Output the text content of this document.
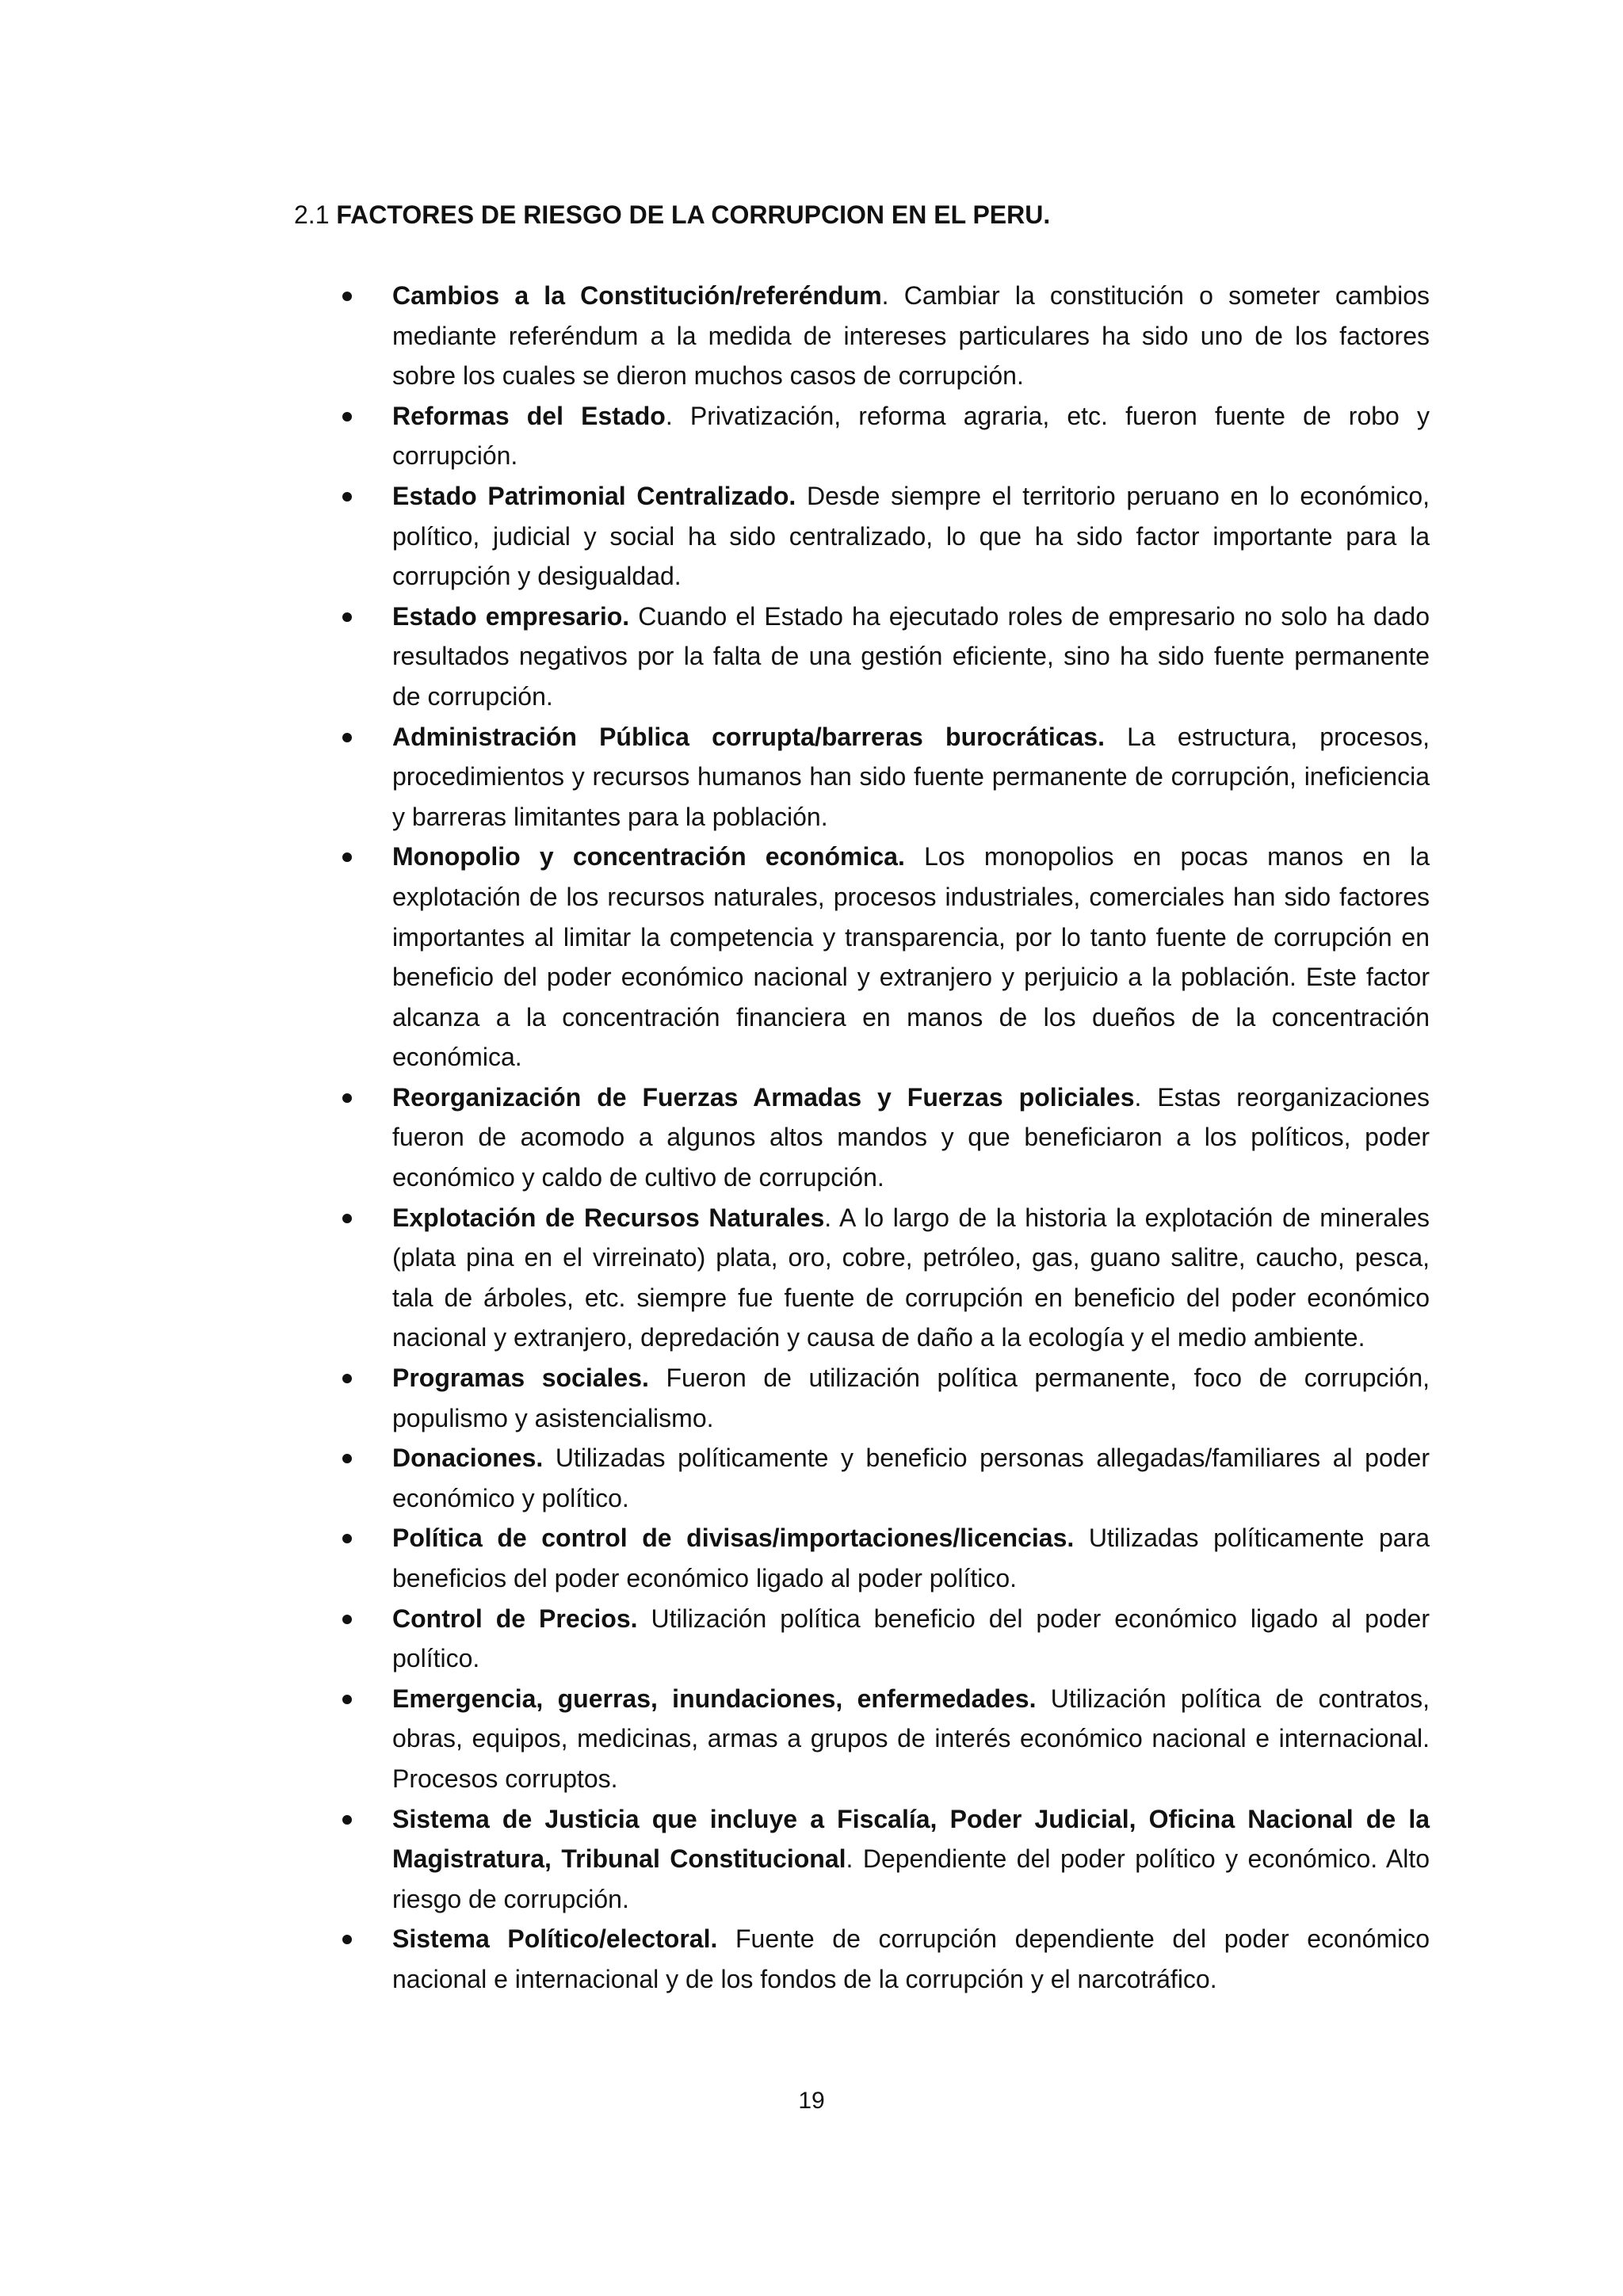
2.1 FACTORES DE RIESGO DE LA CORRUPCION EN EL PERU.
Cambios a la Constitución/referéndum. Cambiar la constitución o someter cambios mediante referéndum a la medida de intereses particulares ha sido uno de los factores sobre los cuales se dieron muchos casos de corrupción.
Reformas del Estado. Privatización, reforma agraria, etc. fueron fuente de robo y corrupción.
Estado Patrimonial Centralizado. Desde siempre el territorio peruano en lo económico, político, judicial y social ha sido centralizado, lo que ha sido factor importante para la corrupción y desigualdad.
Estado empresario. Cuando el Estado ha ejecutado roles de empresario no solo ha dado resultados negativos por la falta de una gestión eficiente, sino ha sido fuente permanente de corrupción.
Administración Pública corrupta/barreras burocráticas. La estructura, procesos, procedimientos y recursos humanos han sido fuente permanente de corrupción, ineficiencia y barreras limitantes para la población.
Monopolio y concentración económica. Los monopolios en pocas manos en la explotación de los recursos naturales, procesos industriales, comerciales han sido factores importantes al limitar la competencia y transparencia, por lo tanto fuente de corrupción en beneficio del poder económico nacional y extranjero y perjuicio a la población. Este factor alcanza a la concentración financiera en manos de los dueños de la concentración económica.
Reorganización de Fuerzas Armadas y Fuerzas policiales. Estas reorganizaciones fueron de acomodo a algunos altos mandos y que beneficiaron a los políticos, poder económico y caldo de cultivo de corrupción.
Explotación de Recursos Naturales. A lo largo de la historia la explotación de minerales (plata pina en el virreinato) plata, oro, cobre, petróleo, gas, guano salitre, caucho, pesca, tala de árboles, etc. siempre fue fuente de corrupción en beneficio del poder económico nacional y extranjero, depredación y causa de daño a la ecología y el medio ambiente.
Programas sociales. Fueron de utilización política permanente, foco de corrupción, populismo y asistencialismo.
Donaciones. Utilizadas políticamente y beneficio personas allegadas/familiares al poder económico y político.
Política de control de divisas/importaciones/licencias. Utilizadas políticamente para beneficios del poder económico ligado al poder político.
Control de Precios. Utilización política beneficio del poder económico ligado al poder político.
Emergencia, guerras, inundaciones, enfermedades. Utilización política de contratos, obras, equipos, medicinas, armas a grupos de interés económico nacional e internacional. Procesos corruptos.
Sistema de Justicia que incluye a Fiscalía, Poder Judicial, Oficina Nacional de la Magistratura, Tribunal Constitucional. Dependiente del poder político y económico. Alto riesgo de corrupción.
Sistema Político/electoral. Fuente de corrupción dependiente del poder económico nacional e internacional y de los fondos de la corrupción y el narcotráfico.
19
